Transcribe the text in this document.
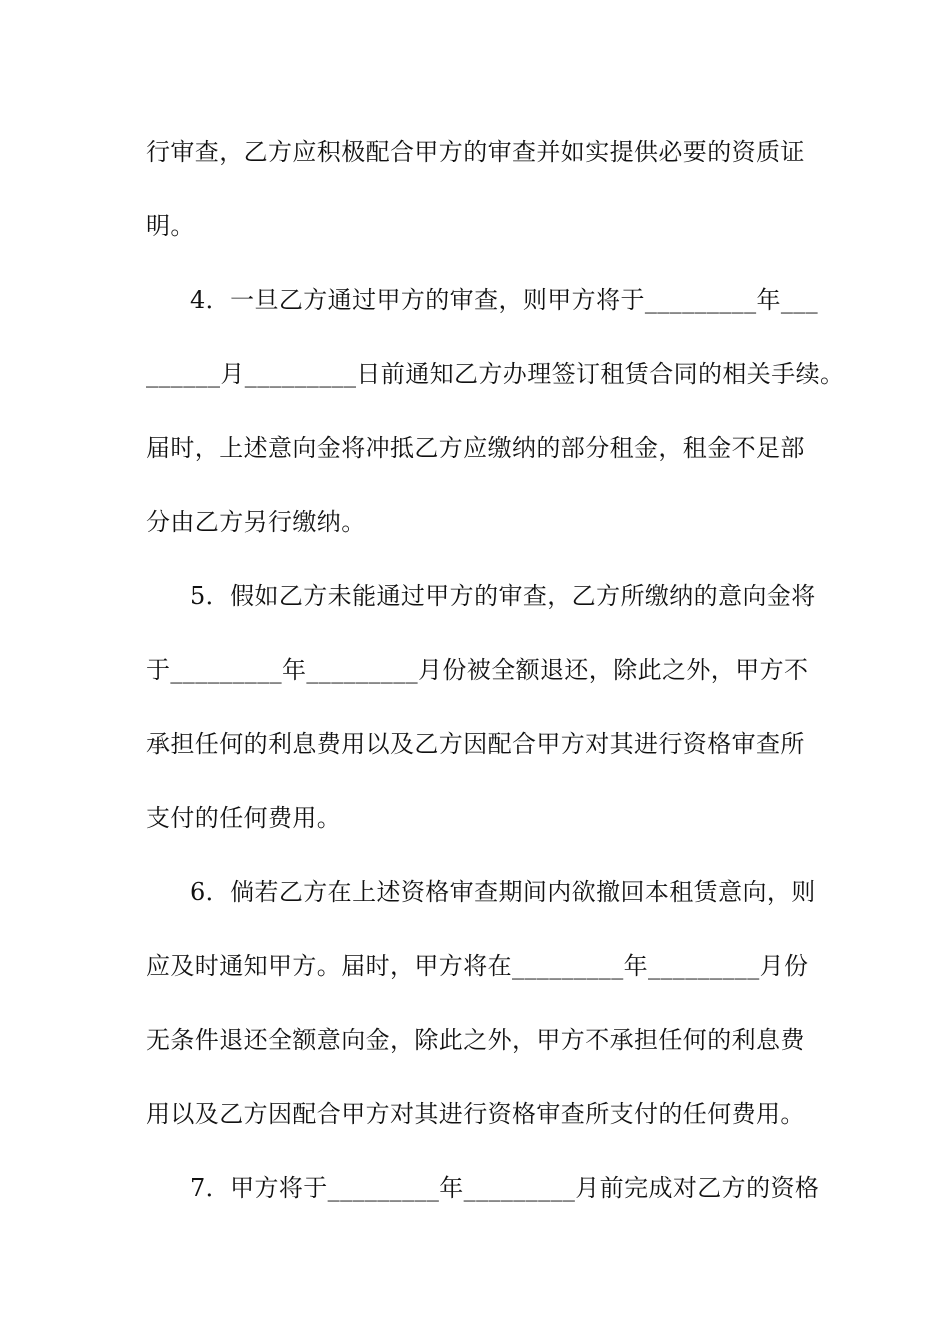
行审查，乙方应积极配合甲方的审查并如实提供必要的资质证
明。
4．一旦乙方通过甲方的审查，则甲方将于_________年___
______月_________日前通知乙方办理签订租赁合同的相关手续。
届时，上述意向金将冲抵乙方应缴纳的部分租金，租金不足部
分由乙方另行缴纳。
5．假如乙方未能通过甲方的审查，乙方所缴纳的意向金将
于_________年_________月份被全额退还，除此之外，甲方不
承担任何的利息费用以及乙方因配合甲方对其进行资格审查所
支付的任何费用。
6．倘若乙方在上述资格审查期间内欲撤回本租赁意向，则
应及时通知甲方。届时，甲方将在_________年_________月份
无条件退还全额意向金，除此之外，甲方不承担任何的利息费
用以及乙方因配合甲方对其进行资格审查所支付的任何费用。
7．甲方将于_________年_________月前完成对乙方的资格
